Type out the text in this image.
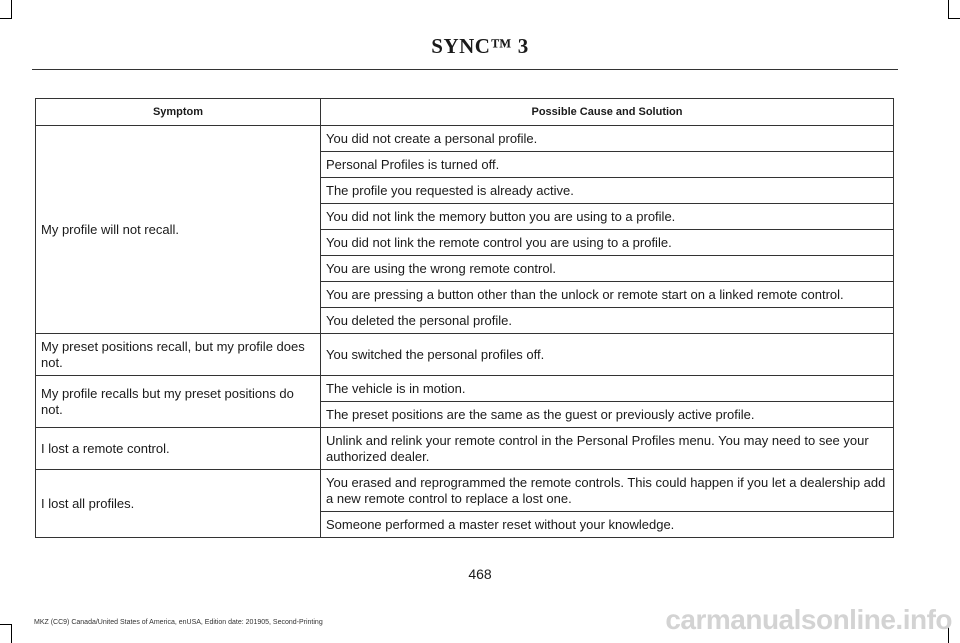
SYNC™ 3
Symptom	Possible Cause and Solution
My profile will not recall.	You did not create a personal profile.
	Personal Profiles is turned off.
	The profile you requested is already active.
	You did not link the memory button you are using to a profile.
	You did not link the remote control you are using to a profile.
	You are using the wrong remote control.
	You are pressing a button other than the unlock or remote start on a linked remote control.
	You deleted the personal profile.
My preset positions recall, but my profile does not.	You switched the personal profiles off.
My profile recalls but my preset positions do not.	The vehicle is in motion.
	The preset positions are the same as the guest or previously active profile.
I lost a remote control.	Unlink and relink your remote control in the Personal Profiles menu. You may need to see your authorized dealer.
I lost all profiles.	You erased and reprogrammed the remote controls. This could happen if you let a dealership add a new remote control to replace a lost one.
	Someone performed a master reset without your knowledge.
468
MKZ (CC9) Canada/United States of America, enUSA, Edition date: 201905, Second-Printing	carmanualsonline.info
